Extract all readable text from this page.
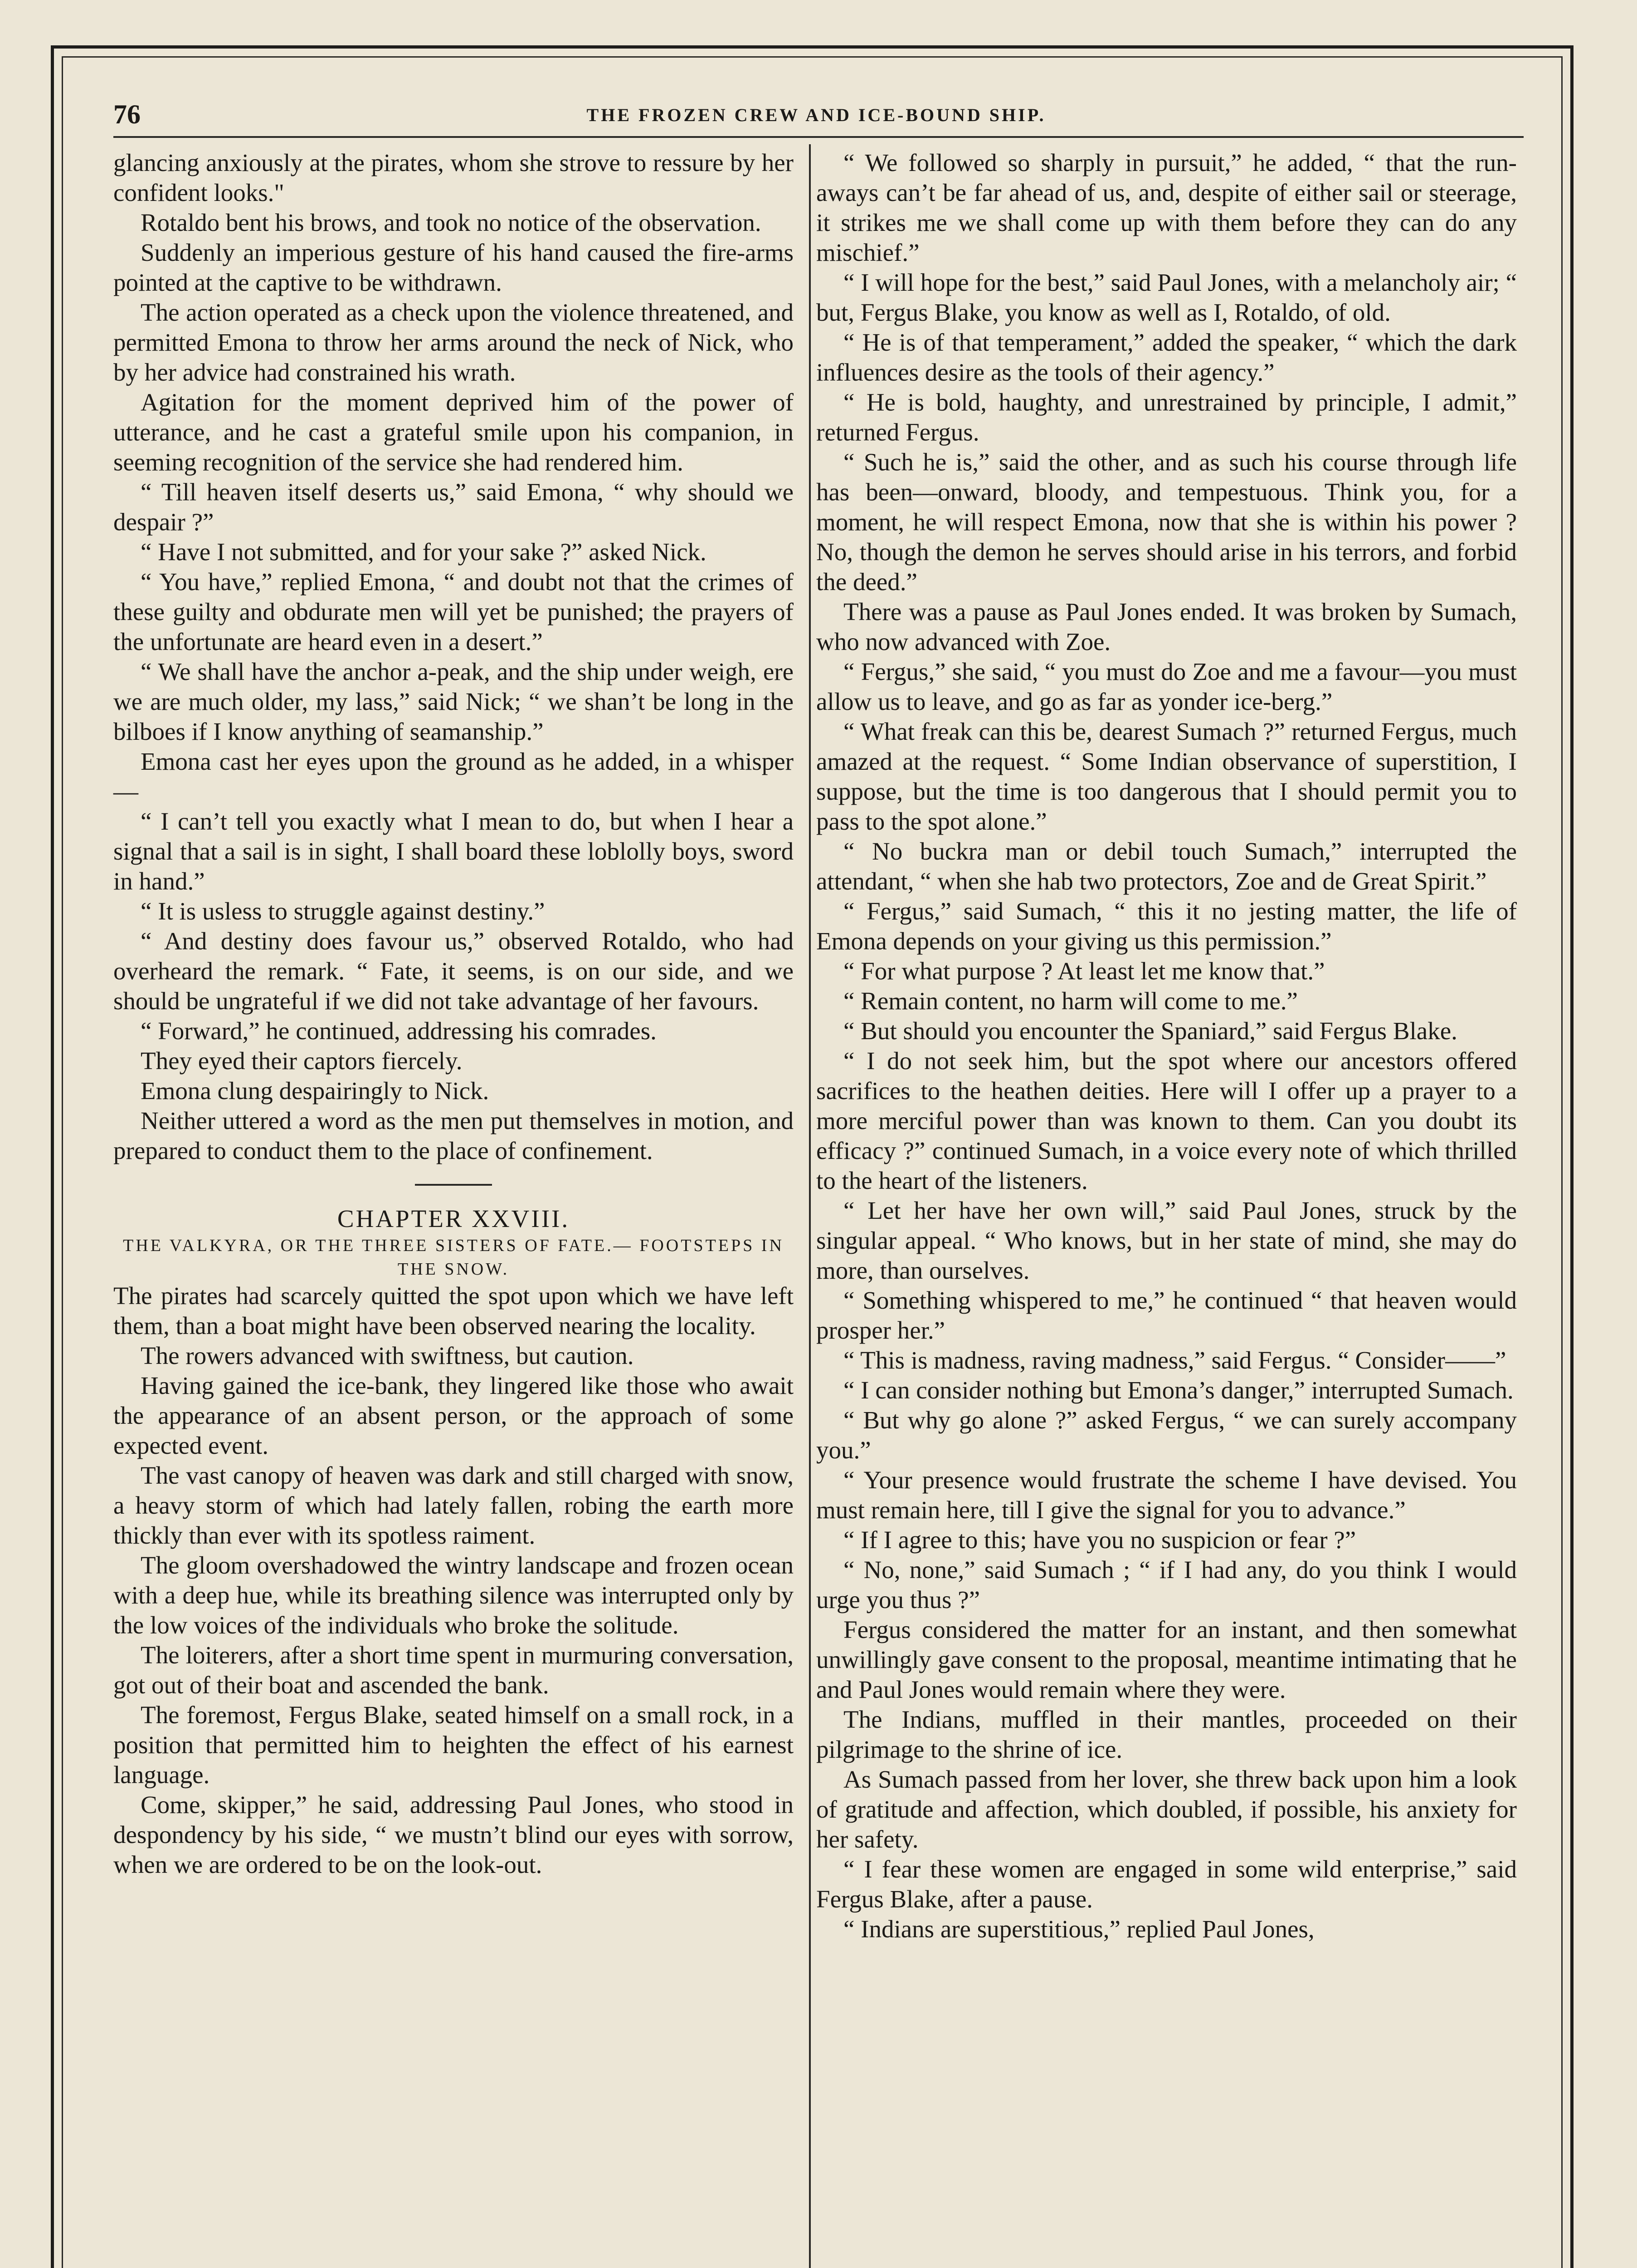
76	THE FROZEN CREW AND ICE-BOUND SHIP.

glancing anxiously at the pirates, whom she strove to ressure by her confident looks."

Rotaldo bent his brows, and took no notice of the observation.

Suddenly an imperious gesture of his hand caused the fire-arms pointed at the captive to be withdrawn.

The action operated as a check upon the violence threatened, and permitted Emona to throw her arms around the neck of Nick, who by her advice had constrained his wrath.

Agitation for the moment deprived him of the power of utterance, and he cast a grateful smile upon his companion, in seeming recognition of the service she had rendered him.

“ Till heaven itself deserts us,” said Emona, “ why should we despair ?”

“ Have I not submitted, and for your sake ?” asked Nick.

“ You have,” replied Emona, “ and doubt not that the crimes of these guilty and obdurate men will yet be punished; the prayers of the unfortunate are heard even in a desert.”

“ We shall have the anchor a-peak, and the ship under weigh, ere we are much older, my lass,” said Nick; “ we shan’t be long in the bilboes if I know anything of seamanship.”

Emona cast her eyes upon the ground as he added, in a whisper—

“ I can’t tell you exactly what I mean to do, but when I hear a signal that a sail is in sight, I shall board these loblolly boys, sword in hand.”

“ It is usless to struggle against destiny.”

“ And destiny does favour us,” observed Rotaldo, who had overheard the remark. “ Fate, it seems, is on our side, and we should be ungrateful if we did not take advantage of her favours.

“ Forward,” he continued, addressing his comrades.

They eyed their captors fiercely.

Emona clung despairingly to Nick.

Neither uttered a word as the men put themselves in motion, and prepared to conduct them to the place of confinement.

CHAPTER XXVIII.

THE VALKYRA, OR THE THREE SISTERS OF FATE.— FOOTSTEPS IN THE SNOW.

The pirates had scarcely quitted the spot upon which we have left them, than a boat might have been observed nearing the locality.

The rowers advanced with swiftness, but caution.

Having gained the ice-bank, they lingered like those who await the appearance of an absent person, or the approach of some expected event.

The vast canopy of heaven was dark and still charged with snow, a heavy storm of which had lately fallen, robing the earth more thickly than ever with its spotless raiment.

The gloom overshadowed the wintry landscape and frozen ocean with a deep hue, while its breathing silence was interrupted only by the low voices of the individuals who broke the solitude.

The loiterers, after a short time spent in murmuring conversation, got out of their boat and ascended the bank.

The foremost, Fergus Blake, seated himself on a small rock, in a position that permitted him to heighten the effect of his earnest language.

Come, skipper,” he said, addressing Paul Jones, who stood in despondency by his side, “ we mustn’t blind our eyes with sorrow, when we are ordered to be on the look-out.

“ We followed so sharply in pursuit,” he added, “ that the run-aways can’t be far ahead of us, and, despite of either sail or steerage, it strikes me we shall come up with them before they can do any mischief.”

“ I will hope for the best,” said Paul Jones, with a melancholy air; “ but, Fergus Blake, you know as well as I, Rotaldo, of old.

“ He is of that temperament,” added the speaker, “ which the dark influences desire as the tools of their agency.”

“ He is bold, haughty, and unrestrained by principle, I admit,” returned Fergus.

“ Such he is,” said the other, and as such his course through life has been—onward, bloody, and tempestuous. Think you, for a moment, he will respect Emona, now that she is within his power ? No, though the demon he serves should arise in his terrors, and forbid the deed.”

There was a pause as Paul Jones ended. It was broken by Sumach, who now advanced with Zoe.

“ Fergus,” she said, “ you must do Zoe and me a favour—you must allow us to leave, and go as far as yonder ice-berg.”

“ What freak can this be, dearest Sumach ?” returned Fergus, much amazed at the request. “ Some Indian observance of superstition, I suppose, but the time is too dangerous that I should permit you to pass to the spot alone.”

“ No buckra man or debil touch Sumach,” interrupted the attendant, “ when she hab two protectors, Zoe and de Great Spirit.”

“ Fergus,” said Sumach, “ this it no jesting matter, the life of Emona depends on your giving us this permission.”

“ For what purpose ? At least let me know that.”

“ Remain content, no harm will come to me.”

“ But should you encounter the Spaniard,” said Fergus Blake.

“ I do not seek him, but the spot where our ancestors offered sacrifices to the heathen deities. Here will I offer up a prayer to a more merciful power than was known to them. Can you doubt its efficacy ?” continued Sumach, in a voice every note of which thrilled to the heart of the listeners.

“ Let her have her own will,” said Paul Jones, struck by the singular appeal. “ Who knows, but in her state of mind, she may do more, than ourselves.

“ Something whispered to me,” he continued “ that heaven would prosper her.”

“ This is madness, raving madness,” said Fergus. “ Consider——”

“ I can consider nothing but Emona’s danger,” interrupted Sumach.

“ But why go alone ?” asked Fergus, “ we can surely accompany you.”

“ Your presence would frustrate the scheme I have devised. You must remain here, till I give the signal for you to advance.”

“ If I agree to this; have you no suspicion or fear ?”

“ No, none,” said Sumach ; “ if I had any, do you think I would urge you thus ?”

Fergus considered the matter for an instant, and then somewhat unwillingly gave consent to the proposal, meantime intimating that he and Paul Jones would remain where they were.

The Indians, muffled in their mantles, proceeded on their pilgrimage to the shrine of ice.

As Sumach passed from her lover, she threw back upon him a look of gratitude and affection, which doubled, if possible, his anxiety for her safety.

“ I fear these women are engaged in some wild enterprise,” said Fergus Blake, after a pause.

“ Indians are superstitious,” replied Paul Jones,
